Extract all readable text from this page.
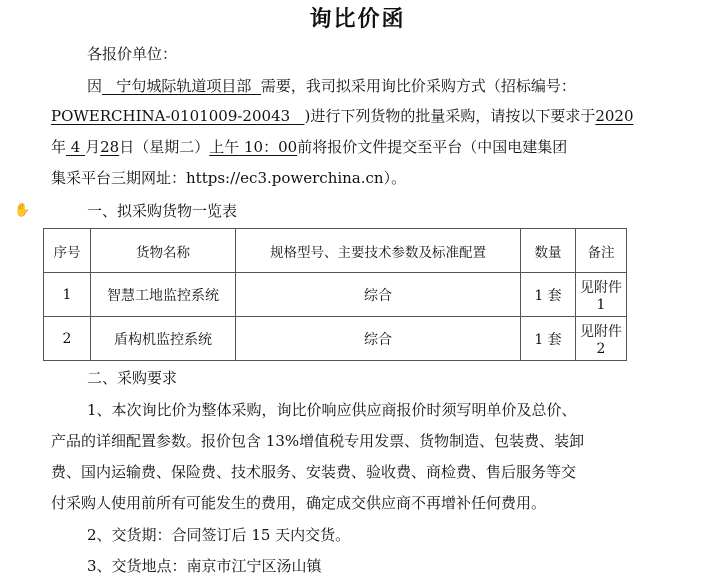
询比价函
各报价单位：
因 宁句城际轨道项目部 需要，我司拟采用询比价采购方式（招标编号：
POWERCHINA-0101009-20043 )进行下列货物的批量采购，请按以下要求于2020
年 4 月28日（星期二）上午 10：00前将报价文件提交至平台（中国电建集团
集采平台三期网址：https://ec3.powerchina.cn）。
✋	一、拟采购货物一览表
序号	货物名称	规格型号、主要技术参数及标准配置	数量	备注
1	智慧工地监控系统	综合	1 套	见附件 1
2	盾构机监控系统	综合	1 套	见附件 2
二、采购要求
1、本次询比价为整体采购，询比价响应供应商报价时须写明单价及总价、
产品的详细配置参数。报价包含 13%增值税专用发票、货物制造、包装费、装卸
费、国内运输费、保险费、技术服务、安装费、验收费、商检费、售后服务等交
付采购人使用前所有可能发生的费用，确定成交供应商不再增补任何费用。
2、交货期：合同签订后 15 天内交货。
3、交货地点：南京市江宁区汤山镇
